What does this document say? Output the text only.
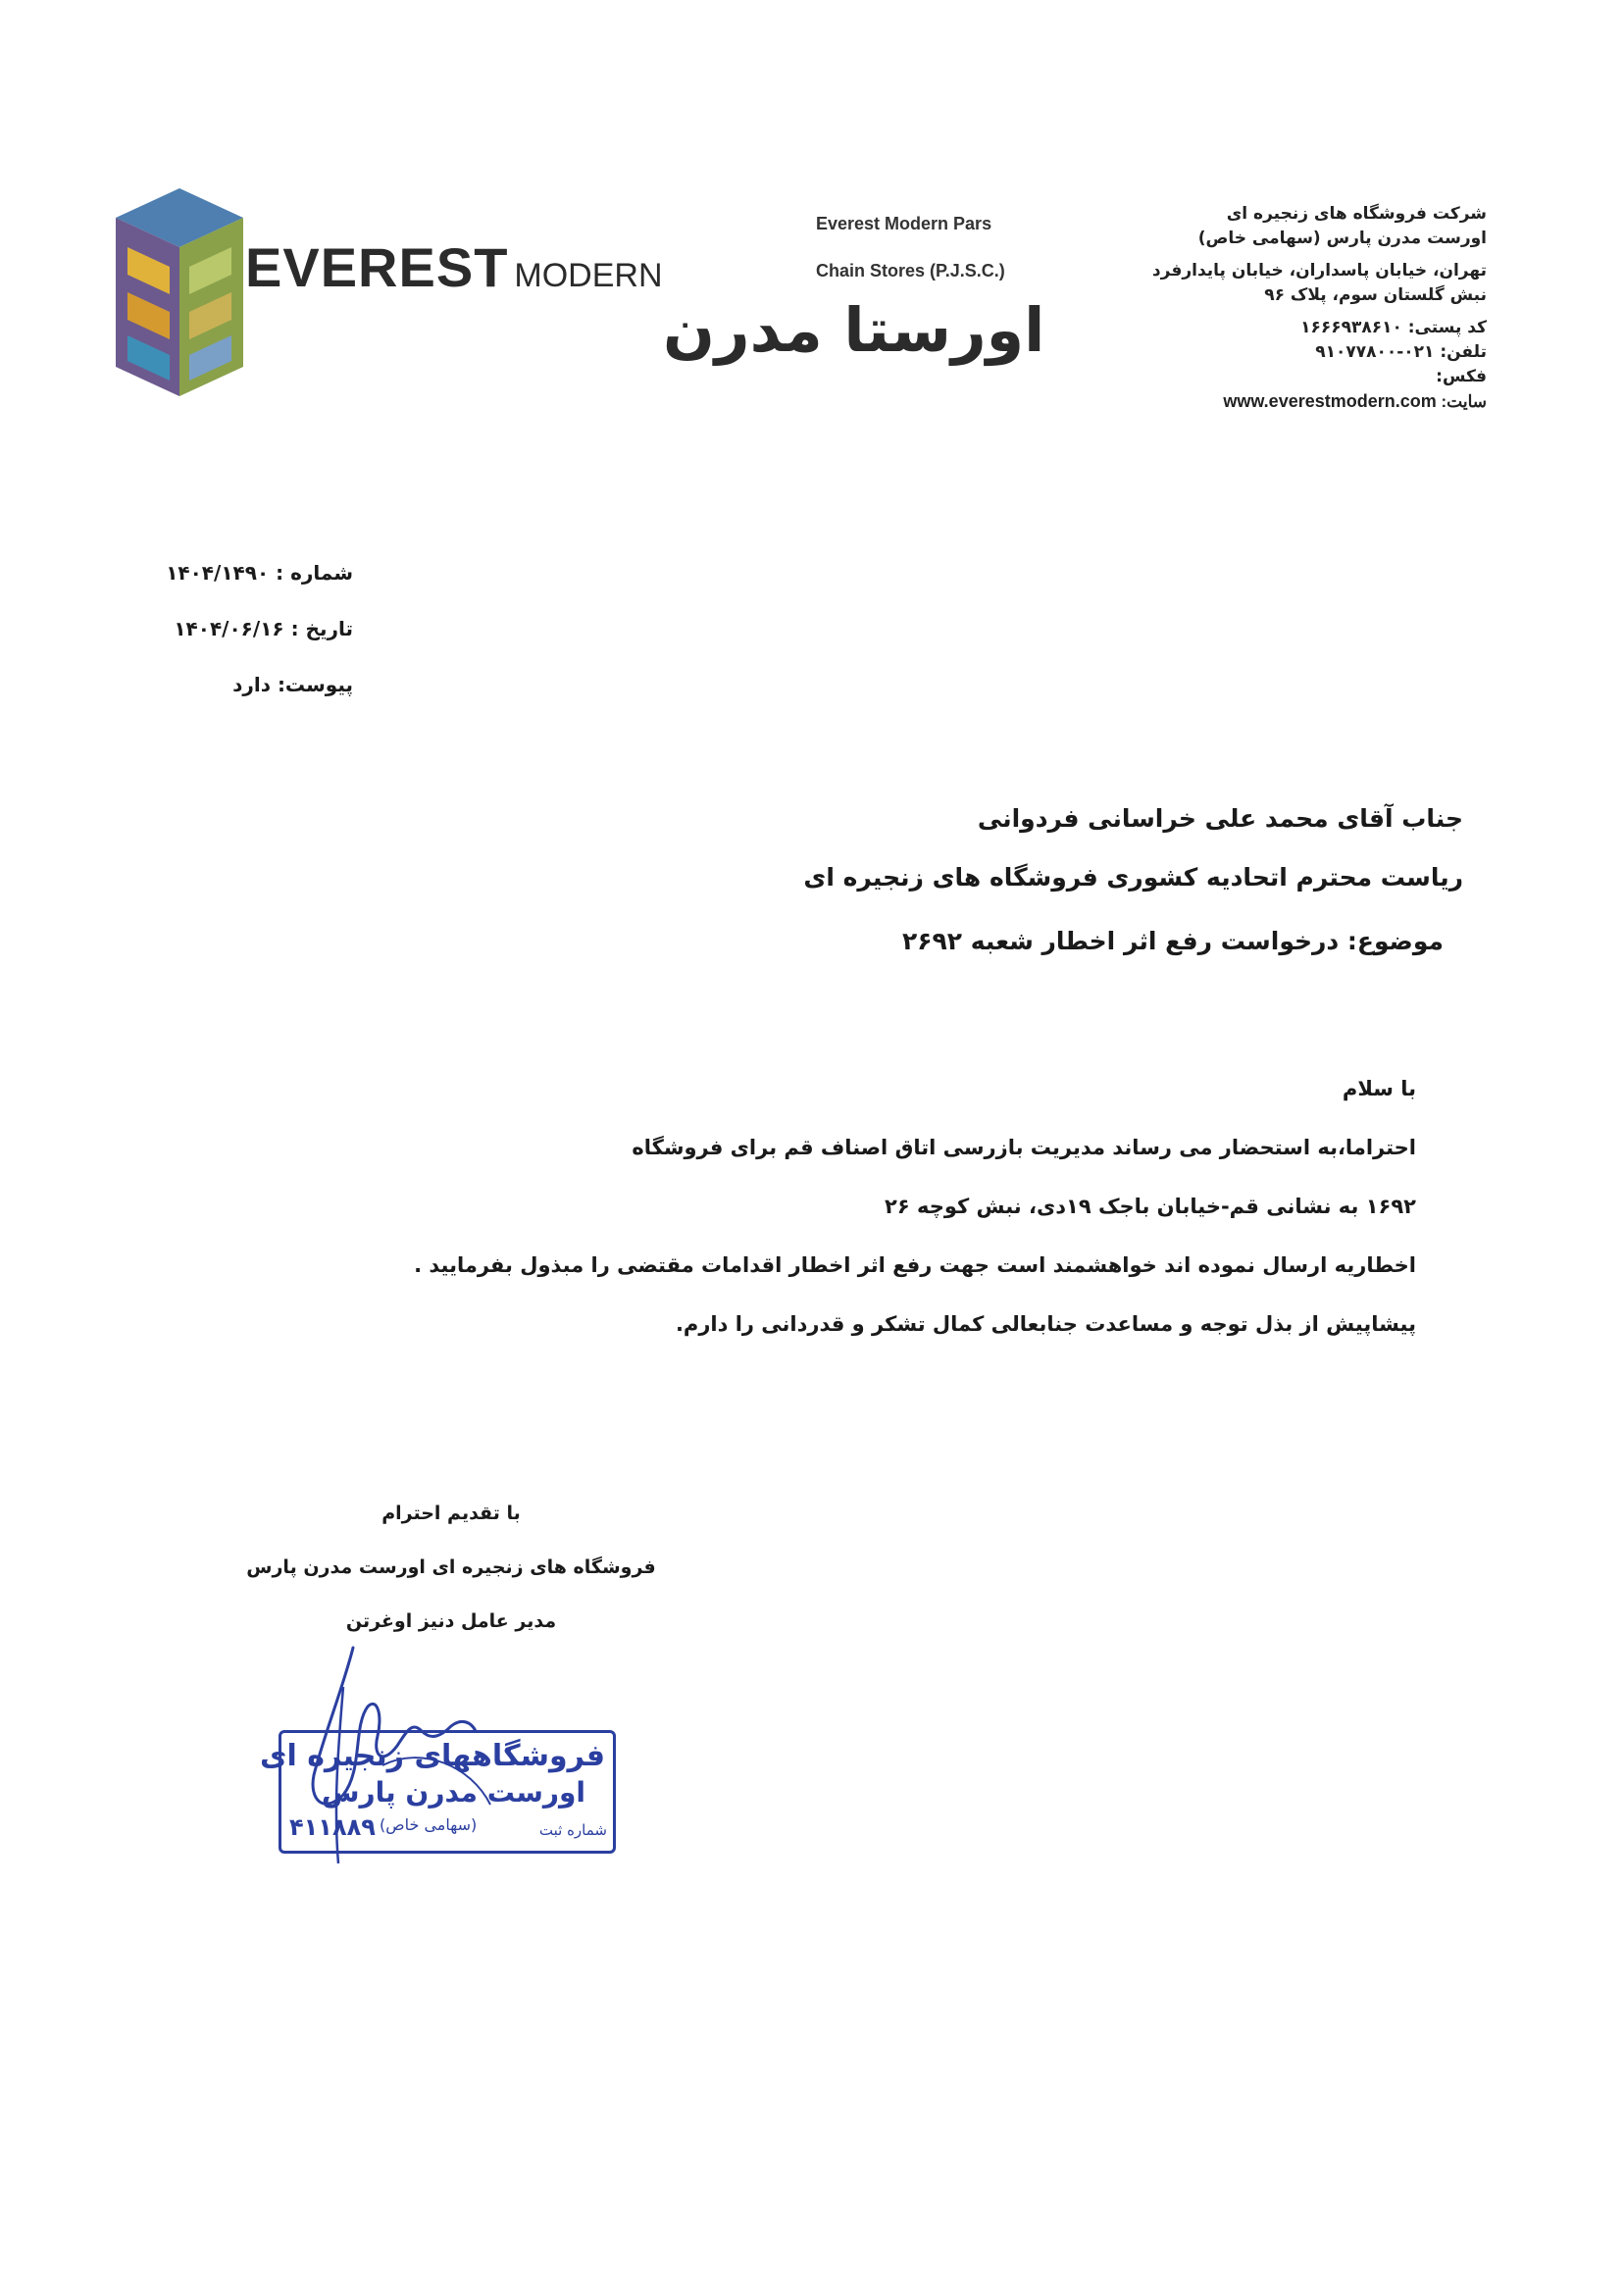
EVEREST MODERN
اورستا مدرن
Everest Modern Pars
Chain Stores (P.J.S.C.)
شرکت فروشگاه های زنجیره ای
اورست مدرن پارس (سهامی خاص)
تهران، خیابان پاسداران، خیابان پایدارفرد
نبش گلستان سوم، پلاک ۹۶
کد پستی: ۱۶۶۶۹۳۸۶۱۰
تلفن: ۰۲۱-۹۱۰۷۷۸۰۰
فکس:
سایت: www.everestmodern.com
شماره : ۱۴۰۴/۱۴۹۰
تاریخ : ۱۴۰۴/۰۶/۱۶
پیوست: دارد
جناب آقای محمد علی خراسانی فردوانی
ریاست محترم اتحادیه کشوری فروشگاه های زنجیره ای
موضوع: درخواست رفع اثر اخطار شعبه ۲۶۹۲
با سلام
احتراما،به استحضار می رساند مدیریت بازرسی اتاق اصناف قم برای فروشگاه
۱۶۹۲ به نشانی قم-خیابان باجک ۱۹دی، نبش کوچه ۲۶
اخطاریه ارسال نموده اند خواهشمند است جهت رفع اثر اخطار اقدامات مقتضی را مبذول بفرمایید .
پیشاپیش از بذل توجه و مساعدت جنابعالی کمال تشکر و قدردانی را دارم.
با تقدیم احترام
فروشگاه های زنجیره ای اورست مدرن پارس
مدیر عامل دنیز اوغرتن
فروشگاههای زنجیره ای
اورست مدرن پارس
(سهامی خاص)	شماره ثبت
۴۱۱۸۸۹
